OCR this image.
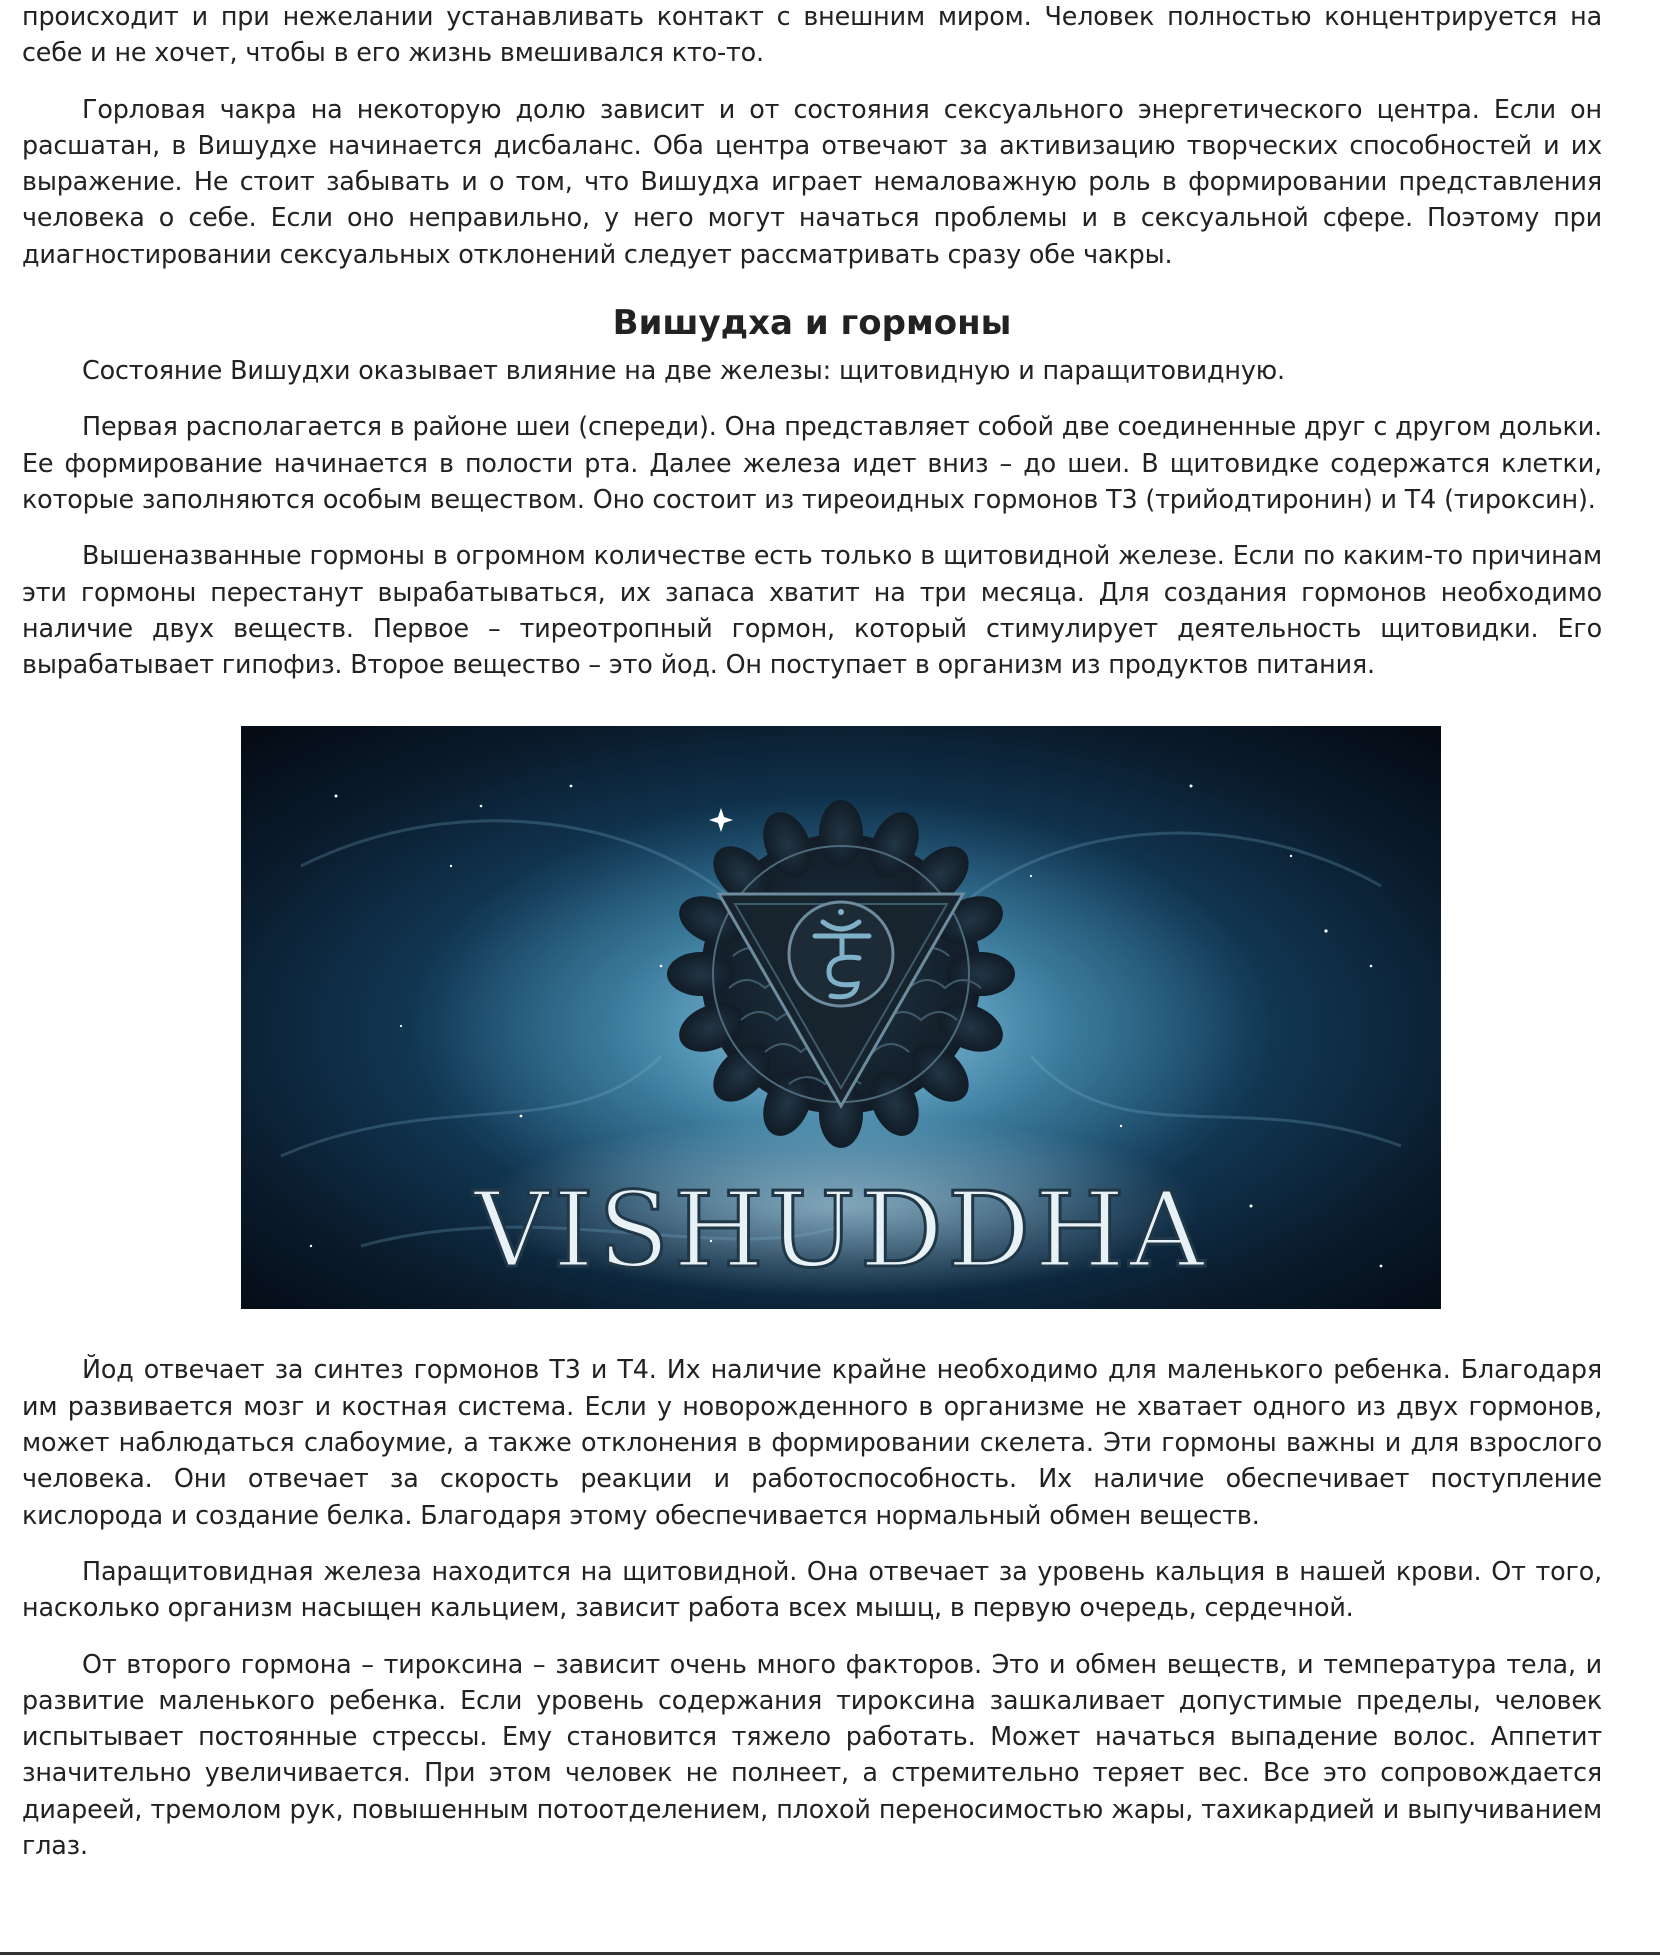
происходит и при нежелании устанавливать контакт с внешним миром. Человек полностью концентрируется на себе и не хочет, чтобы в его жизнь вмешивался кто-то.

Горловая чакра на некоторую долю зависит и от состояния сексуального энергетического центра. Если он расшатан, в Вишудхе начинается дисбаланс. Оба центра отвечают за активизацию творческих способностей и их выражение. Не стоит забывать и о том, что Вишудха играет немаловажную роль в формировании представления человека о себе. Если оно неправильно, у него могут начаться проблемы и в сексуальной сфере. Поэтому при диагностировании сексуальных отклонений следует рассматривать сразу обе чакры.

Вишудха и гормоны

Состояние Вишудхи оказывает влияние на две железы: щитовидную и паращитовидную.

Первая располагается в районе шеи (спереди). Она представляет собой две соединенные друг с другом дольки. Ее формирование начинается в полости рта. Далее железа идет вниз – до шеи. В щитовидке содержатся клетки, которые заполняются особым веществом. Оно состоит из тиреоидных гормонов Т3 (трийодтиронин) и Т4 (тироксин).

Вышеназванные гормоны в огромном количестве есть только в щитовидной железе. Если по каким-то причинам эти гормоны перестанут вырабатываться, их запаса хватит на три месяца. Для создания гормонов необходимо наличие двух веществ. Первое – тиреотропный гормон, который стимулирует деятельность щитовидки. Его вырабатывает гипофиз. Второе вещество – это йод. Он поступает в организм из продуктов питания.

VISHUDDHA

Йод отвечает за синтез гормонов Т3 и Т4. Их наличие крайне необходимо для маленького ребенка. Благодаря им развивается мозг и костная система. Если у новорожденного в организме не хватает одного из двух гормонов, может наблюдаться слабоумие, а также отклонения в формировании скелета. Эти гормоны важны и для взрослого человека. Они отвечает за скорость реакции и работоспособность. Их наличие обеспечивает поступление кислорода и создание белка. Благодаря этому обеспечивается нормальный обмен веществ.

Паращитовидная железа находится на щитовидной. Она отвечает за уровень кальция в нашей крови. От того, насколько организм насыщен кальцием, зависит работа всех мышц, в первую очередь, сердечной.

От второго гормона – тироксина – зависит очень много факторов. Это и обмен веществ, и температура тела, и развитие маленького ребенка. Если уровень содержания тироксина зашкаливает допустимые пределы, человек испытывает постоянные стрессы. Ему становится тяжело работать. Может начаться выпадение волос. Аппетит значительно увеличивается. При этом человек не полнеет, а стремительно теряет вес. Все это сопровождается диареей, тремолом рук, повышенным потоотделением, плохой переносимостью жары, тахикардией и выпучиванием глаз.
